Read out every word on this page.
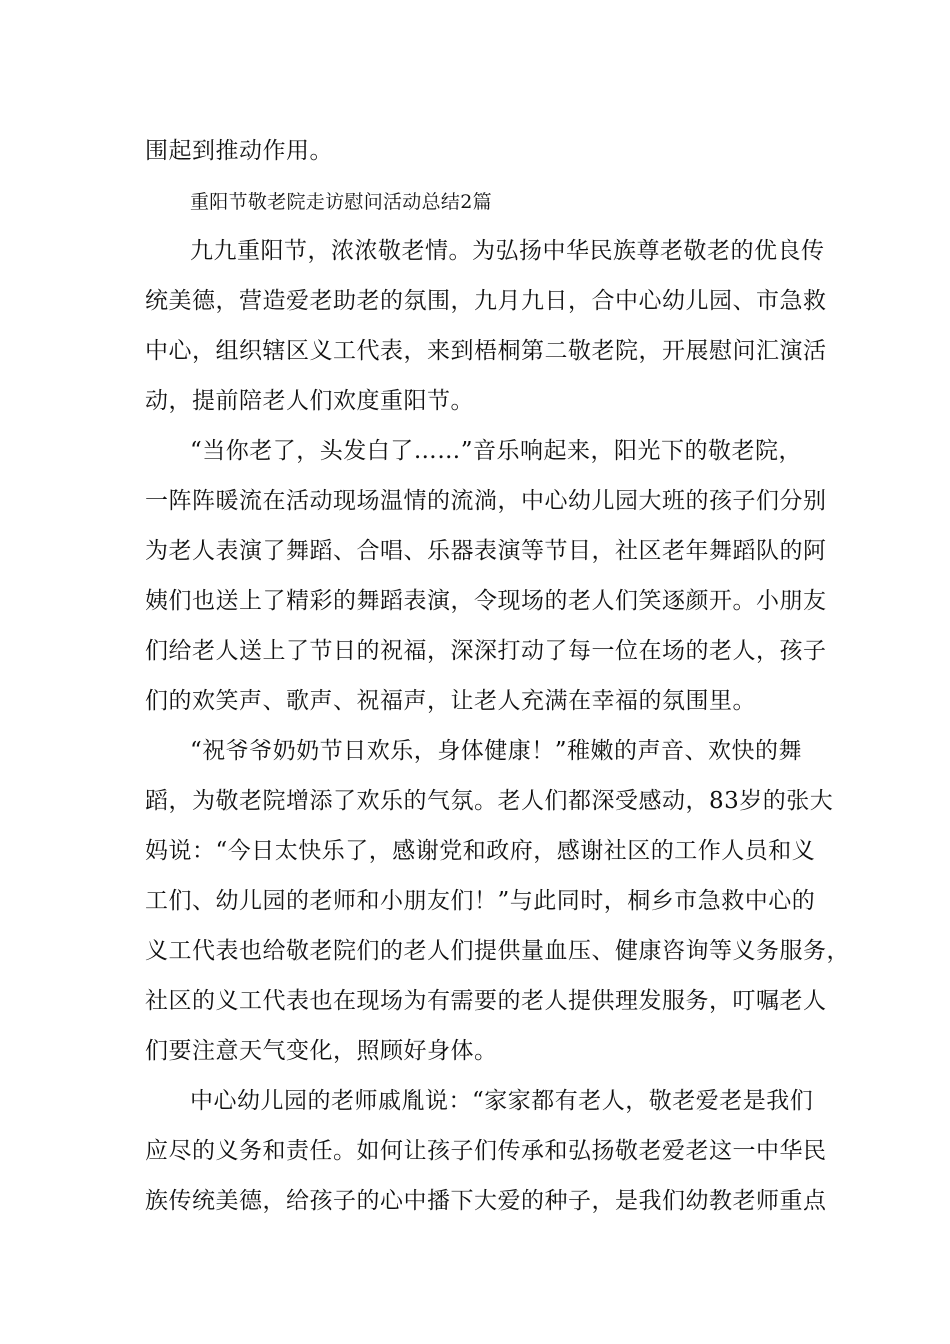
围起到推动作用。
重阳节敬老院走访慰问活动总结2篇
九九重阳节，浓浓敬老情。为弘扬中华民族尊老敬老的优良传
统美德，营造爱老助老的氛围，九月九日，合中心幼儿园、市急救
中心，组织辖区义工代表，来到梧桐第二敬老院，开展慰问汇演活
动，提前陪老人们欢度重阳节。
“当你老了，头发白了……”音乐响起来，阳光下的敬老院，
一阵阵暖流在活动现场温情的流淌，中心幼儿园大班的孩子们分别
为老人表演了舞蹈、合唱、乐器表演等节目，社区老年舞蹈队的阿
姨们也送上了精彩的舞蹈表演，令现场的老人们笑逐颜开。小朋友
们给老人送上了节日的祝福，深深打动了每一位在场的老人，孩子
们的欢笑声、歌声、祝福声，让老人充满在幸福的氛围里。
“祝爷爷奶奶节日欢乐，身体健康！”稚嫩的声音、欢快的舞
蹈，为敬老院增添了欢乐的气氛。老人们都深受感动，83岁的张大
妈说：“今日太快乐了，感谢党和政府，感谢社区的工作人员和义
工们、幼儿园的老师和小朋友们！”与此同时，桐乡市急救中心的
义工代表也给敬老院们的老人们提供量血压、健康咨询等义务服务，
社区的义工代表也在现场为有需要的老人提供理发服务，叮嘱老人
们要注意天气变化，照顾好身体。
中心幼儿园的老师戚胤说：“家家都有老人，敬老爱老是我们
应尽的义务和责任。如何让孩子们传承和弘扬敬老爱老这一中华民
族传统美德，给孩子的心中播下大爱的种子，是我们幼教老师重点
